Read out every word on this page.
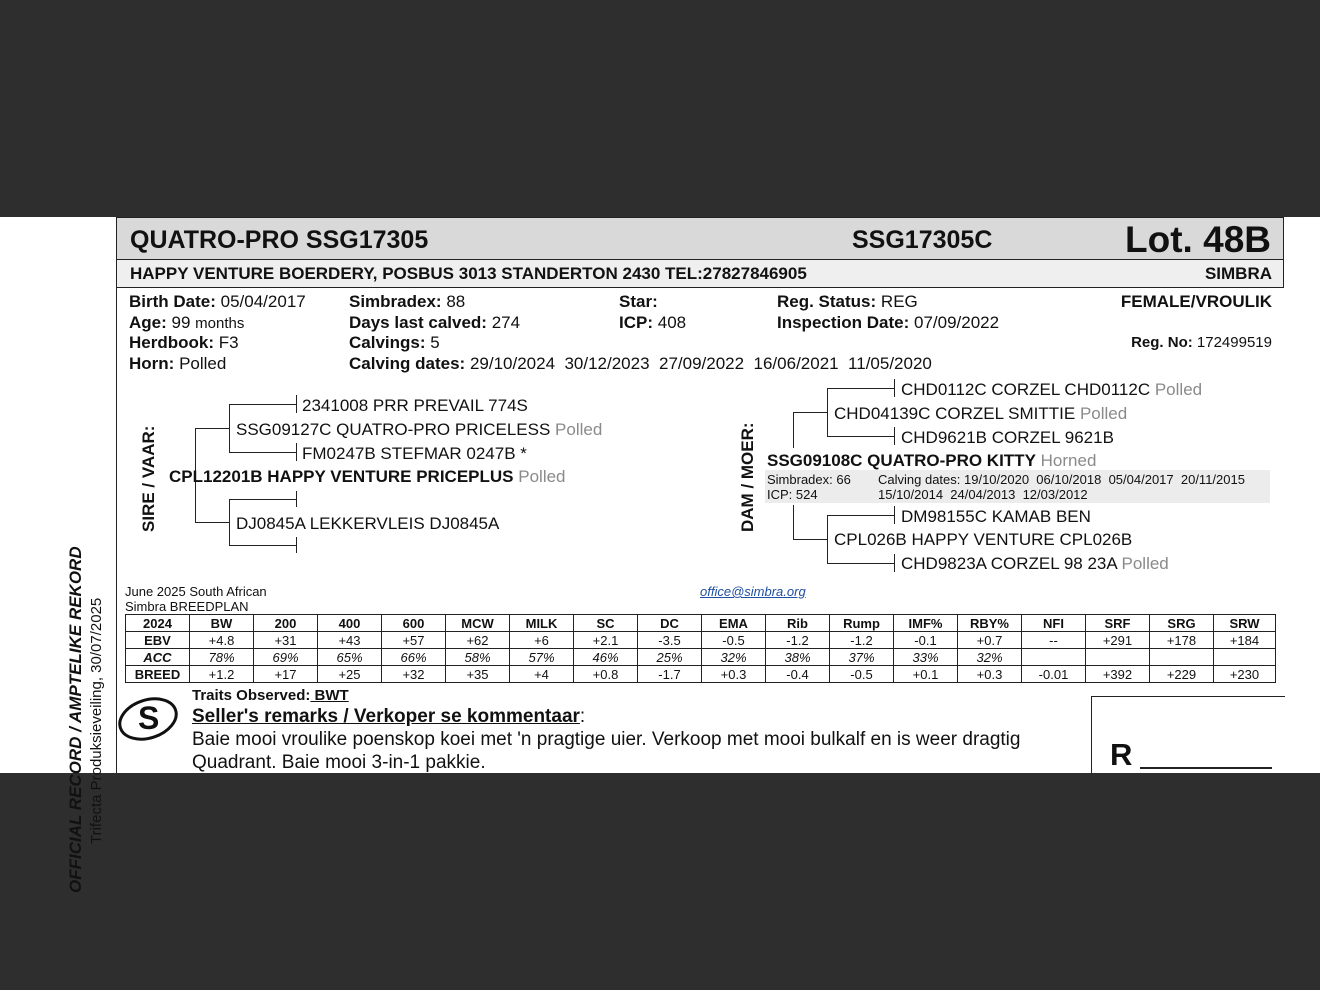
OFFICIAL RECORD / AMPTELIKE REKORD Trifecta Produksieveiling, 30/07/2025
QUATRO-PRO SSG17305	SSG17305C	Lot. 48B
HAPPY VENTURE BOERDERY, POSBUS 3013 STANDERTON 2430 TEL:27827846905	SIMBRA
Birth Date: 05/04/2017
Age: 99 months
Herdbook: F3
Horn: Polled
Simbradex: 88
Days last calved: 274
Calvings: 5
Calving dates: 29/10/2024  30/12/2023  27/09/2022  16/06/2021  11/05/2020
Star:
ICP: 408
Reg. Status: REG
Inspection Date: 07/09/2022
FEMALE/VROULIK
Reg. No: 172499519
SIRE / VAAR:
2341008 PRR PREVAIL 774S
SSG09127C QUATRO-PRO PRICELESS Polled
FM0247B STEFMAR 0247B *
CPL12201B HAPPY VENTURE PRICEPLUS Polled
DJ0845A LEKKERVLEIS DJ0845A	DAM / MOER:
CHD0112C CORZEL CHD0112C Polled
CHD04139C CORZEL SMITTIE Polled
CHD9621B CORZEL 9621B
SSG09108C QUATRO-PRO KITTY Horned
Simbradex: 66
ICP: 524
Calving dates: 19/10/2020  06/10/2018  05/04/2017  20/11/2015
15/10/2014  24/04/2013  12/03/2012
DM98155C KAMAB BEN
CPL026B HAPPY VENTURE CPL026B
CHD9823A CORZEL 98 23A Polled
June 2025 South African
Simbra BREEDPLAN
office@simbra.org
2024	BW	200	400	600	MCW	MILK	SC	DC	EMA	Rib	Rump	IMF%	RBY%	NFI	SRF	SRG	SRW
EBV	+4.8	+31	+43	+57	+62	+6	+2.1	-3.5	-0.5	-1.2	-1.2	-0.1	+0.7	--	+291	+178	+184
ACC	78%	69%	65%	66%	58%	57%	46%	25%	32%	38%	37%	33%	32%				
BREED	+1.2	+17	+25	+32	+35	+4	+0.8	-1.7	+0.3	-0.4	-0.5	+0.1	+0.3	-0.01	+392	+229	+230
S
Traits Observed: BWT
Seller's remarks / Verkoper se kommentaar:
Baie mooi vroulike poenskop koei met 'n pragtige uier. Verkoop met mooi bulkalf en is weer dragtig
Quadrant. Baie mooi 3-in-1 pakkie.	R
